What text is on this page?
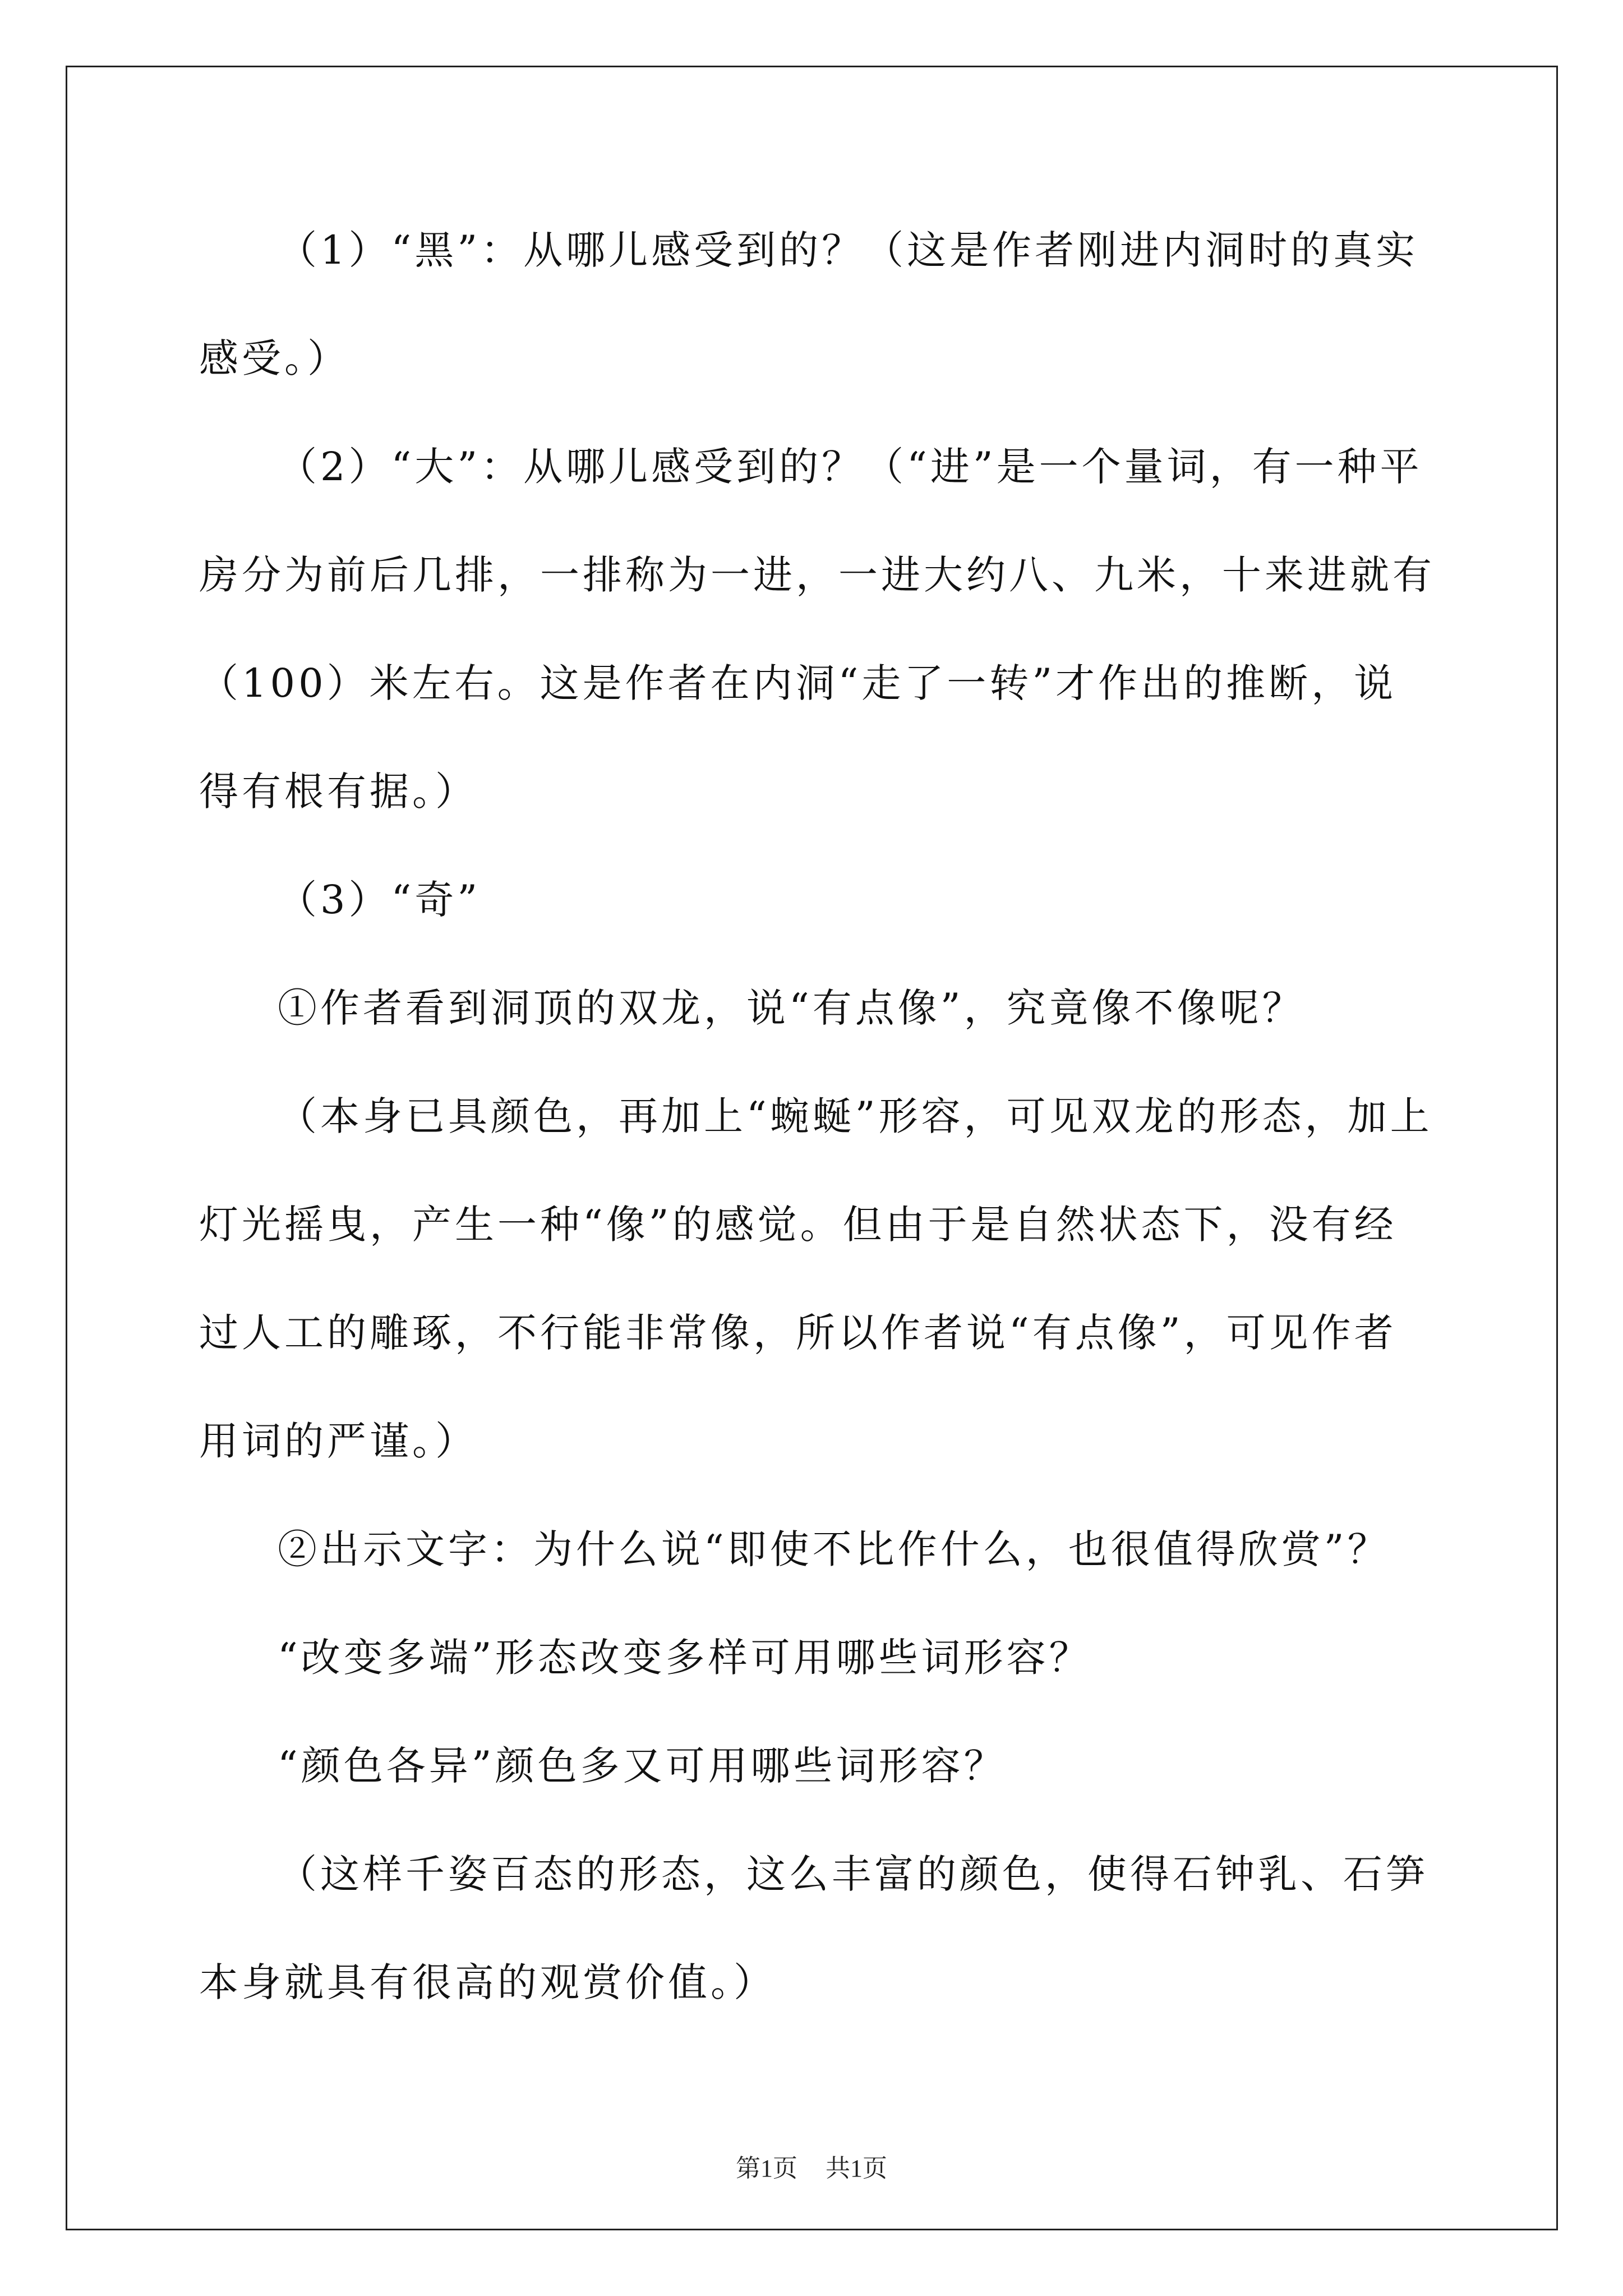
（1）“黑”：从哪儿感受到的？（这是作者刚进内洞时的真实感受。）

（2）“大”：从哪儿感受到的？（“进”是一个量词，有一种平房分为前后几排，一排称为一进，一进大约八、九米，十来进就有（100）米左右。这是作者在内洞“走了一转”才作出的推断，说得有根有据。）

（3）“奇”

①作者看到洞顶的双龙，说“有点像”，究竟像不像呢？

（本身已具颜色，再加上“蜿蜒”形容，可见双龙的形态，加上灯光摇曳，产生一种“像”的感觉。但由于是自然状态下，没有经过人工的雕琢，不行能非常像，所以作者说“有点像”，可见作者用词的严谨。）

②出示文字：为什么说“即使不比作什么，也很值得欣赏”？

“改变多端”形态改变多样可用哪些词形容？

“颜色各异”颜色多又可用哪些词形容？

（这样千姿百态的形态，这么丰富的颜色，使得石钟乳、石笋本身就具有很高的观赏价值。）

第1页 共1页
